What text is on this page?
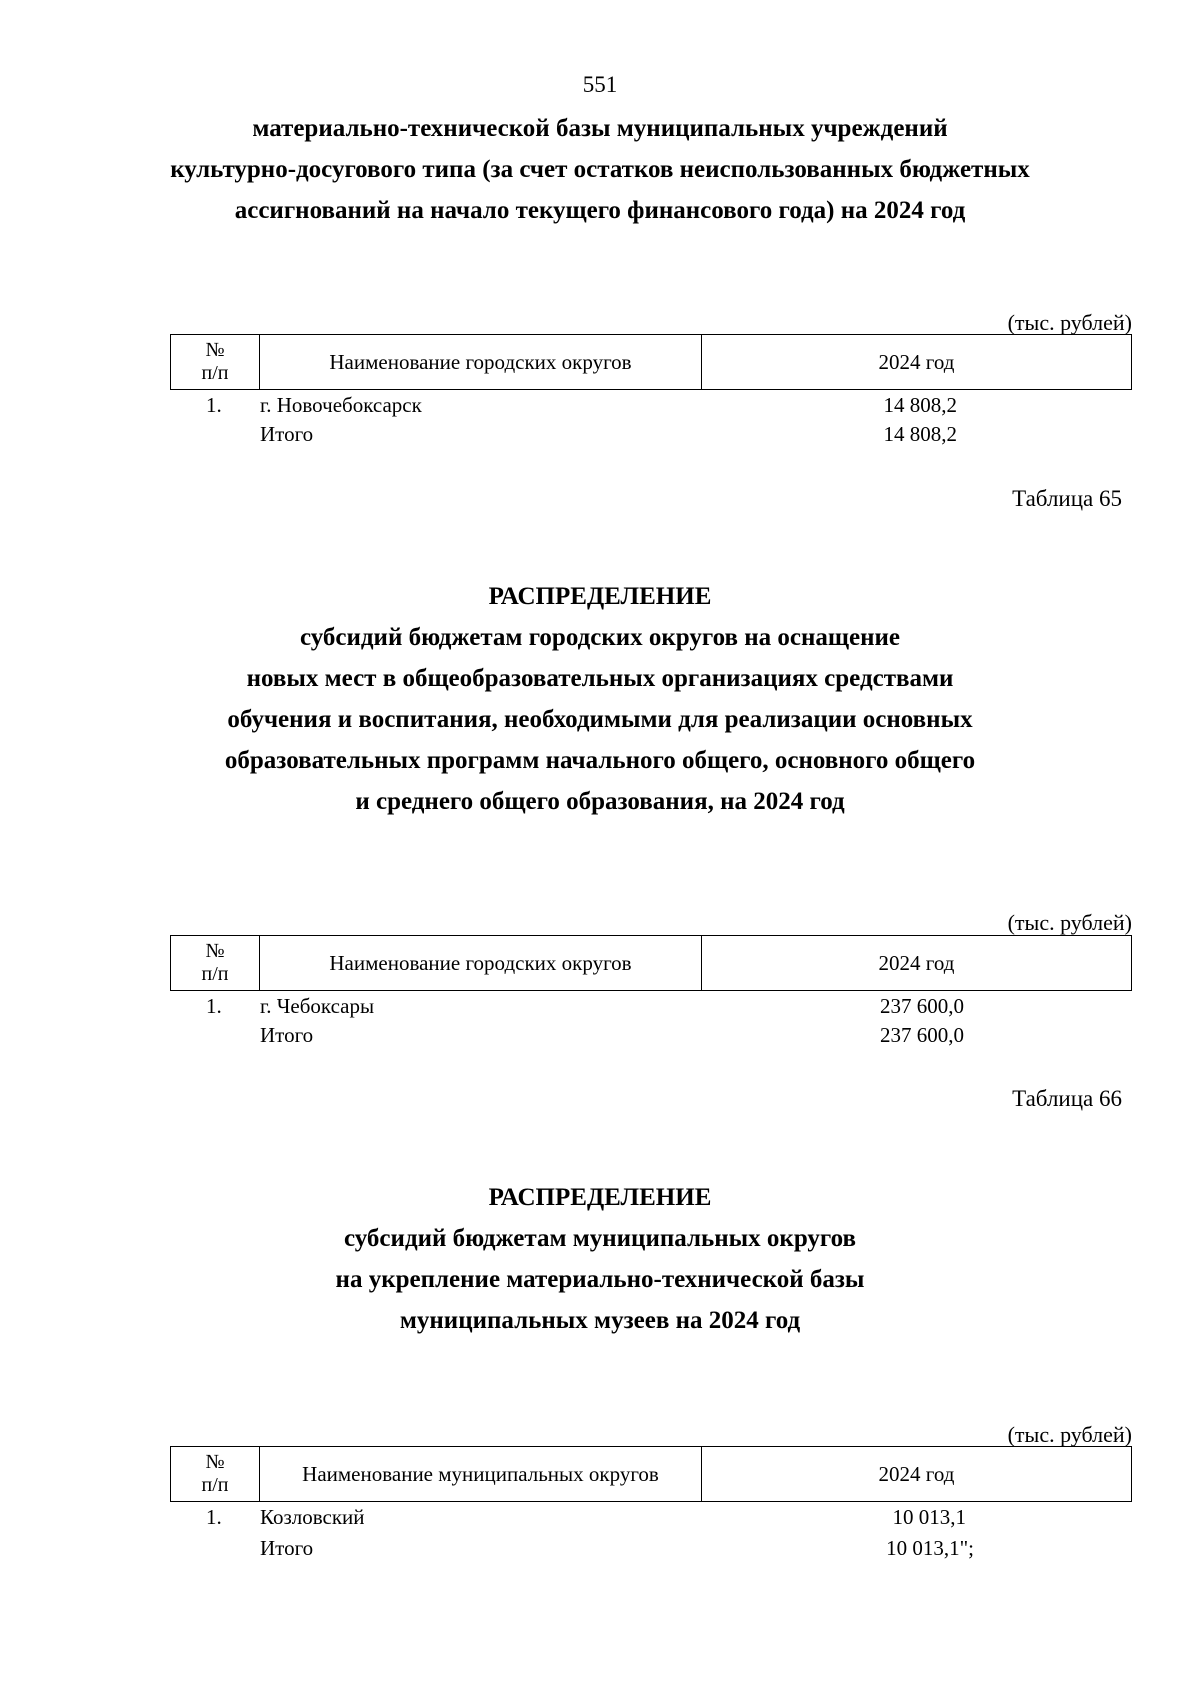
551
материально-технической базы муниципальных учреждений
культурно-досугового типа (за счет остатков неиспользованных бюджетных
ассигнований на начало текущего финансового года) на 2024 год
(тыс. рублей)
№
п/п	Наименование городских округов	2024 год
1. г. Новочебоксарск	14 808,2
Итого	14 808,2
Таблица 65
РАСПРЕДЕЛЕНИЕ
субсидий бюджетам городских округов на оснащение
новых мест в общеобразовательных организациях средствами
обучения и воспитания, необходимыми для реализации основных
образовательных программ начального общего, основного общего
и среднего общего образования, на 2024 год
(тыс. рублей)
№
п/п	Наименование городских округов	2024 год
1. г. Чебоксары	237 600,0
Итого	237 600,0
Таблица 66
РАСПРЕДЕЛЕНИЕ
субсидий бюджетам муниципальных округов
на укрепление материально-технической базы
муниципальных музеев на 2024 год
(тыс. рублей)
№
п/п	Наименование муниципальных округов	2024 год
1. Козловский	10 013,1
Итого	10 013,1";
